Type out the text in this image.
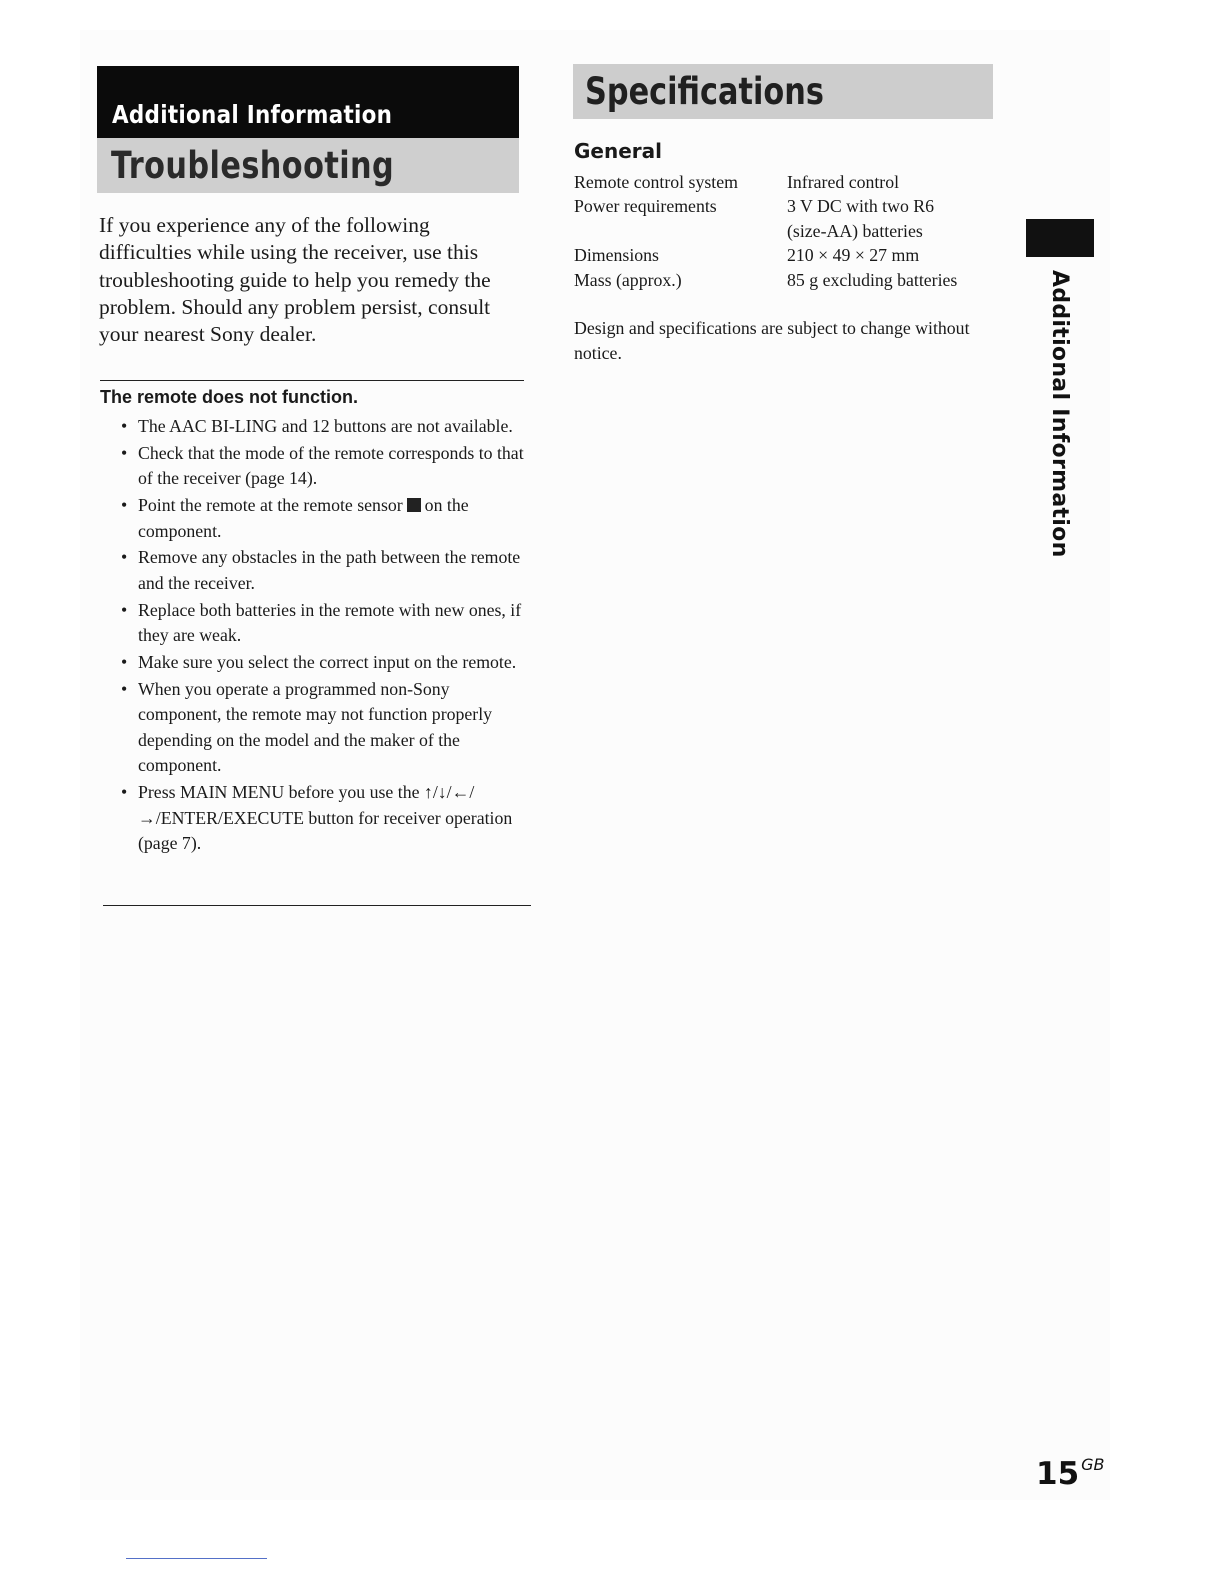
Additional Information
Troubleshooting

If you experience any of the following difficulties while using the receiver, use this troubleshooting guide to help you remedy the problem. Should any problem persist, consult your nearest Sony dealer.

The remote does not function.
• The AAC BI-LING and 12 buttons are not available.
• Check that the mode of the remote corresponds to that of the receiver (page 14).
• Point the remote at the remote sensor on the component.
• Remove any obstacles in the path between the remote and the receiver.
• Replace both batteries in the remote with new ones, if they are weak.
• Make sure you select the correct input on the remote.
• When you operate a programmed non-Sony component, the remote may not function properly depending on the model and the maker of the component.
• Press MAIN MENU before you use the ↑/↓/←/→/ENTER/EXECUTE button for receiver operation (page 7).
Specifications
General
Remote control system	Infrared control
Power requirements	3 V DC with two R6 (size-AA) batteries
Dimensions	210 × 49 × 27 mm
Mass (approx.)	85 g excluding batteries

Design and specifications are subject to change without notice.	Additional Information
15 $^{GB}$
